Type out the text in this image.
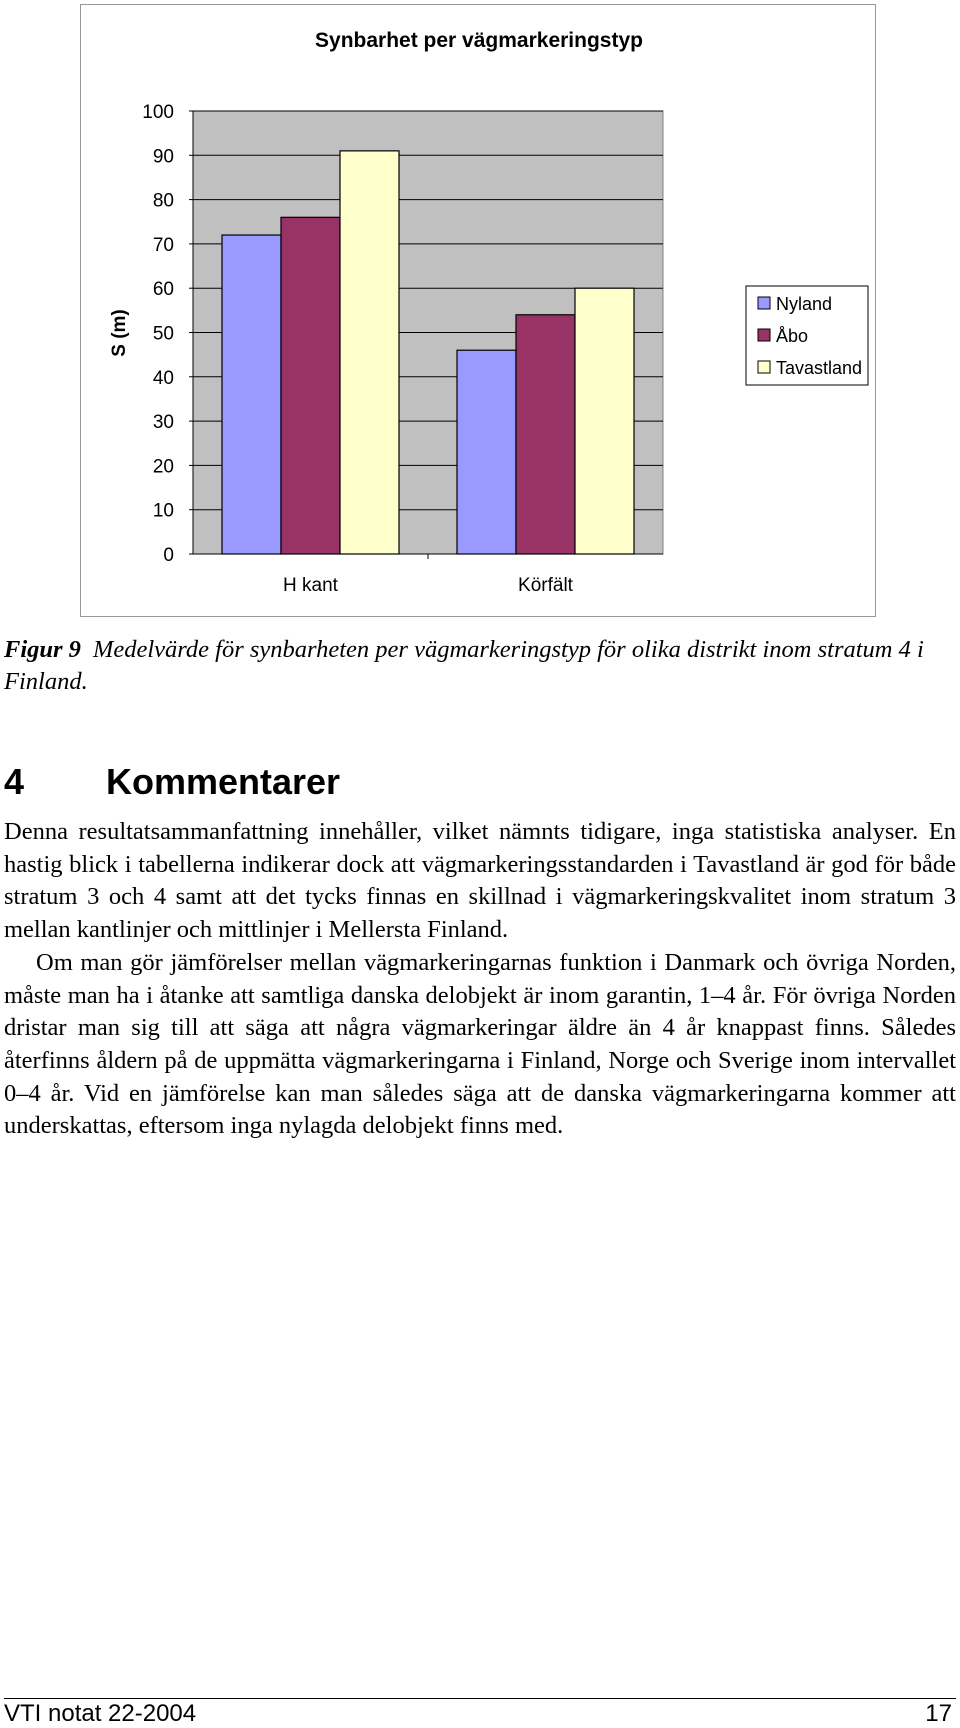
Synbarhet per vägmarkeringstyp
0
10
20
30
40
50
60
70
80
90
100
S (m)
H kant	Körfält
Nyland
Åbo
Tavastland
Figur 9 Medelvärde för synbarheten per vägmarkeringstyp för olika distrikt inom stratum 4 i Finland.
4 Kommentarer

Denna resultatsammanfattning innehåller, vilket nämnts tidigare, inga statistiska analyser. En hastig blick i tabellerna indikerar dock att vägmarkeringsstandarden i Tavastland är god för både stratum 3 och 4 samt att det tycks finnas en skillnad i vägmarkeringskvalitet inom stratum 3 mellan kantlinjer och mittlinjer i Mellersta Finland.

Om man gör jämförelser mellan vägmarkeringarnas funktion i Danmark och övriga Norden, måste man ha i åtanke att samtliga danska delobjekt är inom garantin, 1–4 år. För övriga Norden dristar man sig till att säga att några vägmarkeringar äldre än 4 år knappast finns. Således återfinns åldern på de uppmätta vägmarkeringarna i Finland, Norge och Sverige inom intervallet 0–4 år. Vid en jämförelse kan man således säga att de danska vägmarkeringarna kommer att underskattas, eftersom inga nylagda delobjekt finns med.

VTI notat 22-2004	17
